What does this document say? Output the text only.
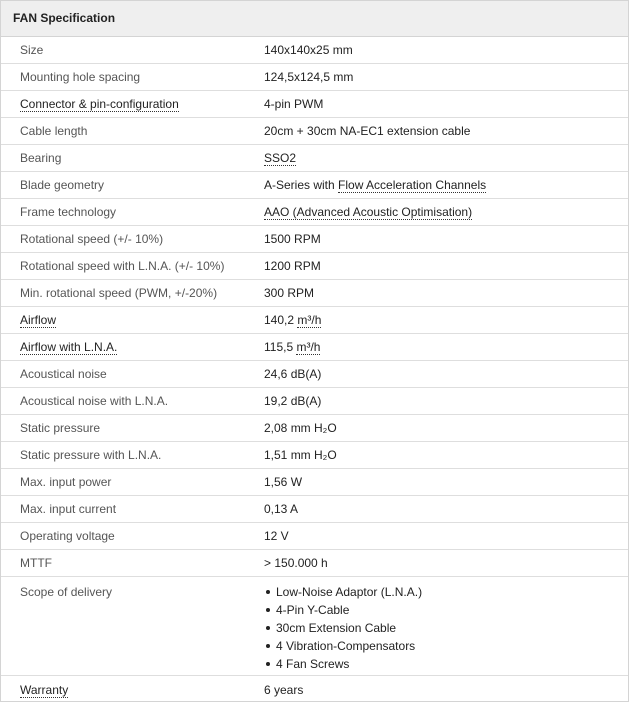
FAN Specification
Size	140x140x25 mm
Mounting hole spacing	124,5x124,5 mm
Connector & pin-configuration	4-pin PWM
Cable length	20cm + 30cm NA-EC1 extension cable
Bearing	SSO2
Blade geometry	A-Series with Flow Acceleration Channels
Frame technology	AAO (Advanced Acoustic Optimisation)
Rotational speed (+/- 10%)	1500 RPM
Rotational speed with L.N.A. (+/- 10%)	1200 RPM
Min. rotational speed (PWM, +/-20%)	300 RPM
Airflow	140,2 m³/h
Airflow with L.N.A.	115,5 m³/h
Acoustical noise	24,6 dB(A)
Acoustical noise with L.N.A.	19,2 dB(A)
Static pressure	2,08 mm H₂O
Static pressure with L.N.A.	1,51 mm H₂O
Max. input power	1,56 W
Max. input current	0,13 A
Operating voltage	12 V
MTTF	> 150.000 h
Scope of delivery	Low-Noise Adaptor (L.N.A.)
4-Pin Y-Cable
30cm Extension Cable
4 Vibration-Compensators
4 Fan Screws
Warranty	6 years
